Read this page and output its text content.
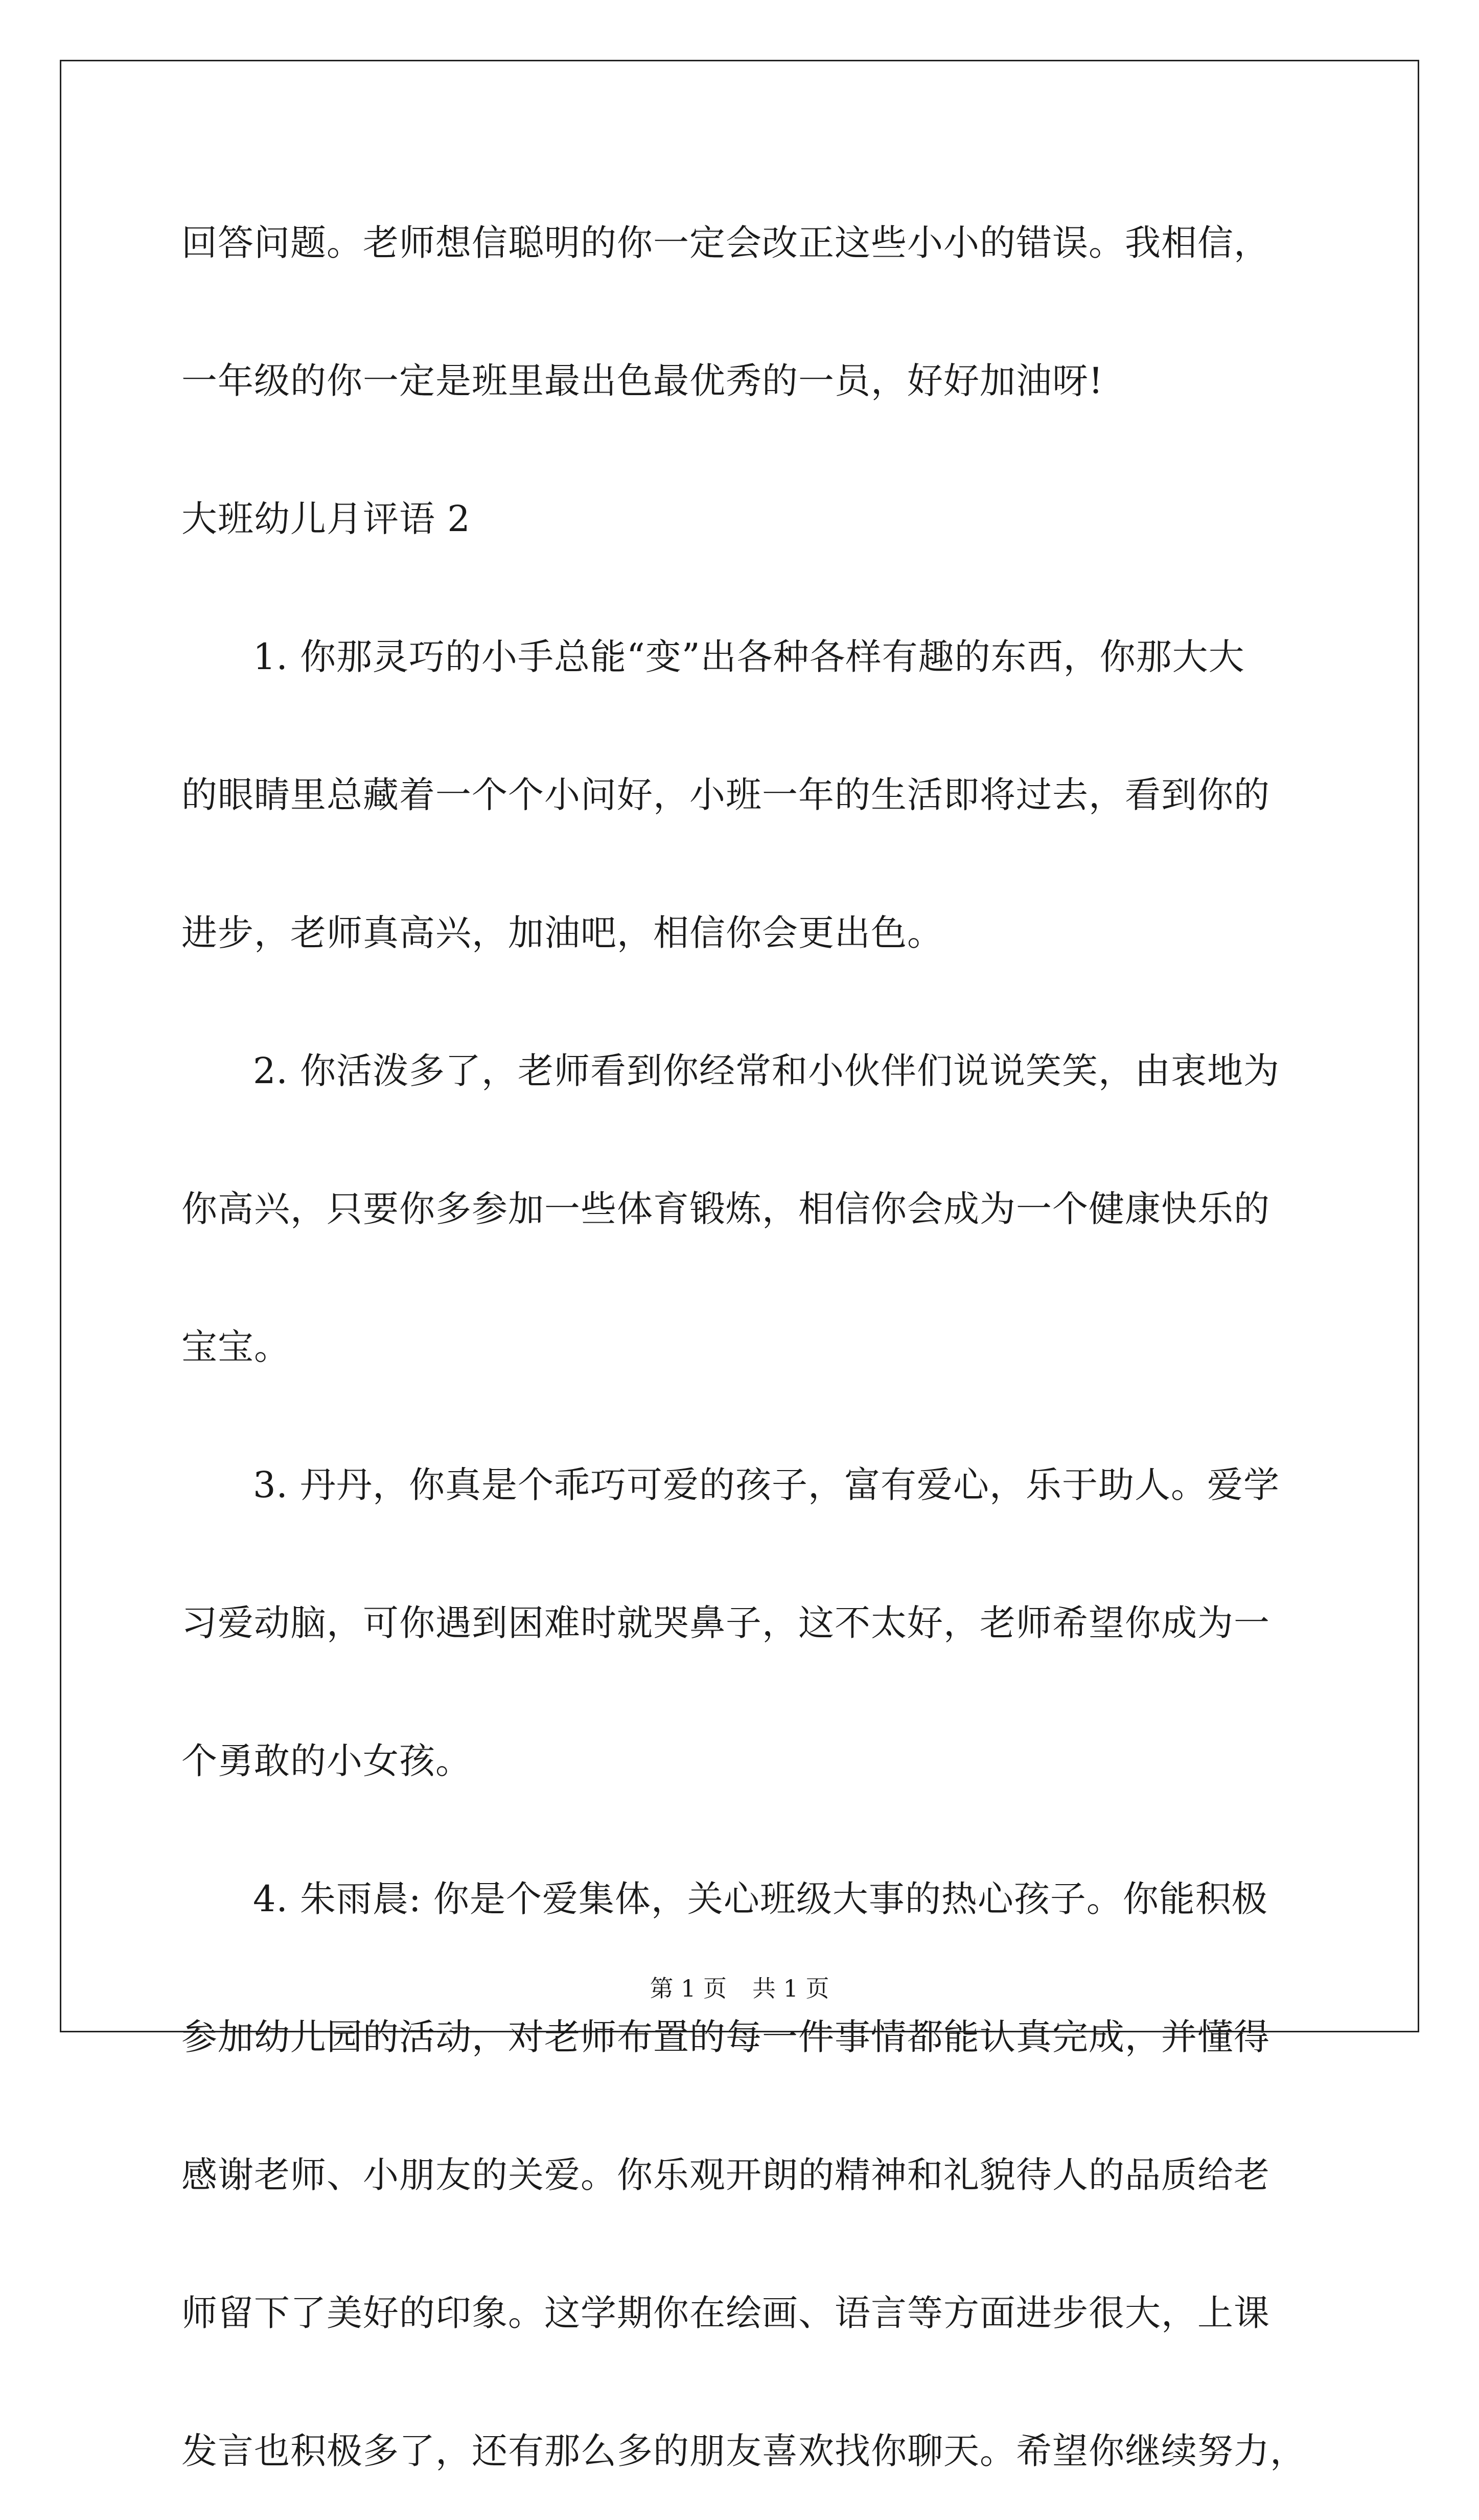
回答问题。老师想信聪明的你一定会改正这些小小的错误。我相信，
一年级的你一定是班里最出色最优秀的一员，好好加油呀!
大班幼儿月评语 2
1. 你那灵巧的小手总能“变”出各种各样有趣的东西，你那大大
的眼睛里总藏着一个个小问好，小班一年的生活即将过去，看到你的
进步，老师真高兴，加油吧，相信你会更出色。
2. 你活泼多了，老师看到你经常和小伙伴们说说笑笑，由衷地为
你高兴，只要你多参加一些体育锻炼，相信你会成为一个健康快乐的
宝宝。
3. 丹丹，你真是个乖巧可爱的孩子，富有爱心，乐于助人。爱学
习爱动脑，可你遇到困难时就哭鼻子，这不太好，老师希望你成为一
个勇敢的小女孩。
4. 朱雨晨: 你是个爱集体，关心班级大事的热心孩子。你能积极
参加幼儿园的活动，对老师布置的每一件事情都能认真完成，并懂得
感谢老师、小朋友的关爱。你乐观开朗的精神和礼貌待人的品质给老
师留下了美好的印象。这学期你在绘画、语言等方面进步很大，上课
发言也积极多了，还有那么多的朋友喜欢找你聊天。希望你继续努力，
第 1 页 共 1 页
